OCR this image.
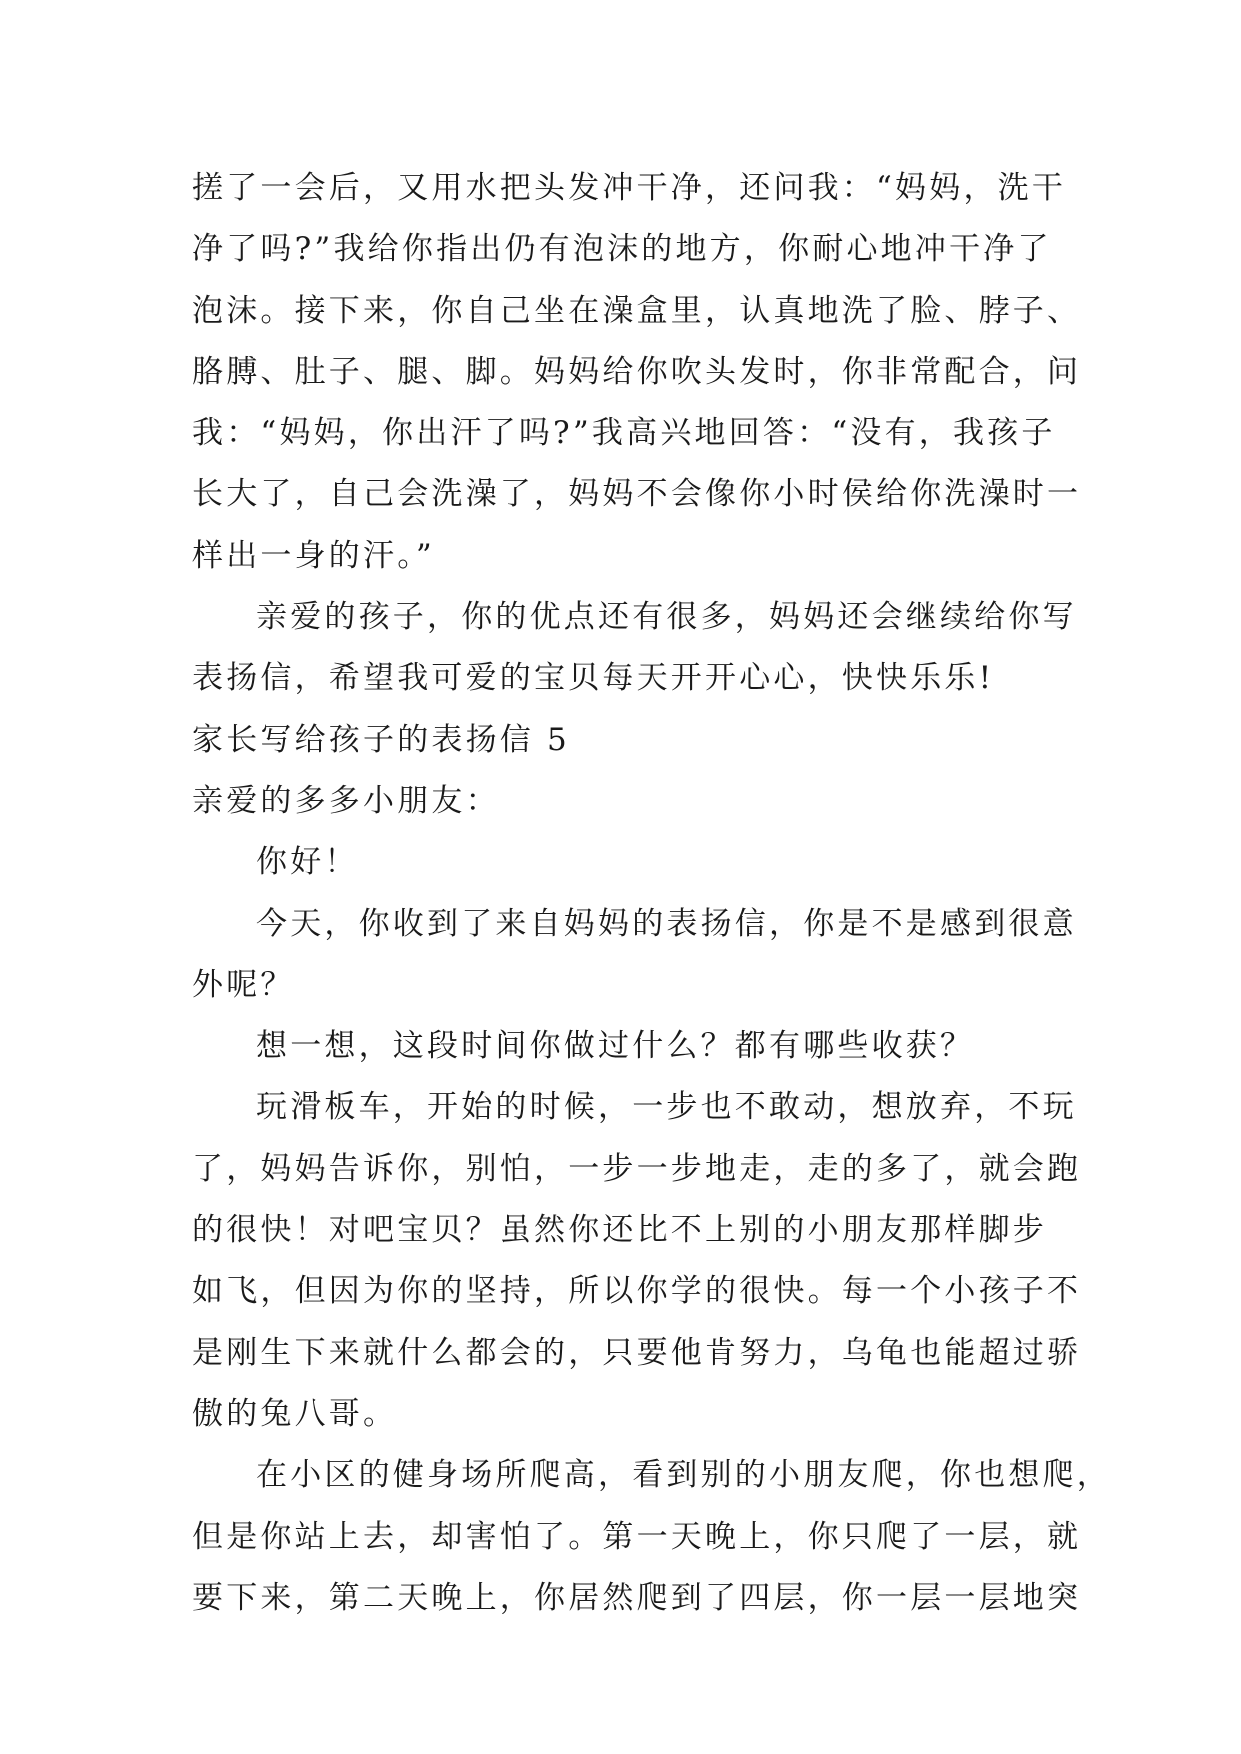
搓了一会后，又用水把头发冲干净，还问我：“妈妈，洗干
净了吗?”我给你指出仍有泡沫的地方，你耐心地冲干净了
泡沫。接下来，你自己坐在澡盒里，认真地洗了脸、脖子、
胳膊、肚子、腿、脚。妈妈给你吹头发时，你非常配合，问
我：“妈妈，你出汗了吗?”我高兴地回答：“没有，我孩子
长大了，自己会洗澡了，妈妈不会像你小时侯给你洗澡时一
样出一身的汗。”
亲爱的孩子，你的优点还有很多，妈妈还会继续给你写
表扬信，希望我可爱的宝贝每天开开心心，快快乐乐!
家长写给孩子的表扬信 5
亲爱的多多小朋友：
你好！
今天，你收到了来自妈妈的表扬信，你是不是感到很意
外呢？
想一想，这段时间你做过什么？都有哪些收获？
玩滑板车，开始的时候，一步也不敢动，想放弃，不玩
了，妈妈告诉你，别怕，一步一步地走，走的多了，就会跑
的很快！对吧宝贝？虽然你还比不上别的小朋友那样脚步
如飞，但因为你的坚持，所以你学的很快。每一个小孩子不
是刚生下来就什么都会的，只要他肯努力，乌龟也能超过骄
傲的兔八哥。
在小区的健身场所爬高，看到别的小朋友爬，你也想爬，
但是你站上去，却害怕了。第一天晚上，你只爬了一层，就
要下来，第二天晚上，你居然爬到了四层，你一层一层地突
